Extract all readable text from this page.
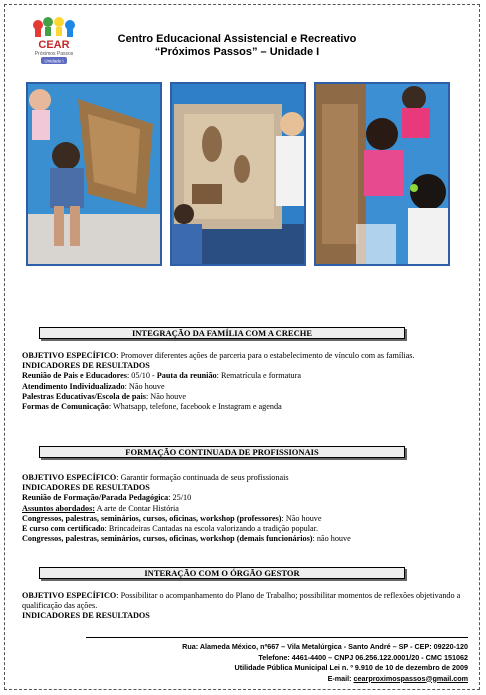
CEAR
Próximos Passos
Unidade I
Centro Educacional Assistencial e Recreativo
“Próximos Passos” – Unidade I
INTEGRAÇÃO DA FAMÍLIA COM A CRECHE

OBJETIVO ESPECÍFICO: Promover diferentes ações de parceria para o estabelecimento de vínculo com as famílias.

INDICADORES DE RESULTADOS

Reunião de Pais e Educadores: 05/10 - Pauta da reunião: Rematrícula e formatura

Atendimento Individualizado: Não houve

Palestras Educativas/Escola de pais: Não houve

Formas de Comunicação: Whatsapp, telefone, facebook e Instagram e agenda

FORMAÇÃO CONTINUADA DE PROFISSIONAIS

OBJETIVO ESPECÍFICO: Garantir formação continuada de seus profissionais

INDICADORES DE RESULTADOS

Reunião de Formação/Parada Pedagógica: 25/10

Assuntos abordados: A arte de Contar História

Congressos, palestras, seminários, cursos, oficinas, workshop (professores): Não houve

E curso com certificado: Brincadeiras Cantadas na escola valorizando a tradição popular.

Congressos, palestras, seminários, cursos, oficinas, workshop (demais funcionários): não houve

INTERAÇÃO COM O ÓRGÃO GESTOR

OBJETIVO ESPECÍFICO: Possibilitar o acompanhamento do Plano de Trabalho; possibilitar momentos de reflexões objetivando a qualificação das ações.

INDICADORES DE RESULTADOS

Rua: Alameda México, nº667 – Vila Metalúrgica - Santo André – SP - CEP: 09220-120
Telefone: 4461-4400 – CNPJ 06.256.122.0001/20 - CMC 151062
Utilidade Pública Municipal Lei n. º 9.910 de 10 de dezembro de 2009
E-mail: cearproximospassos@gmail.com
